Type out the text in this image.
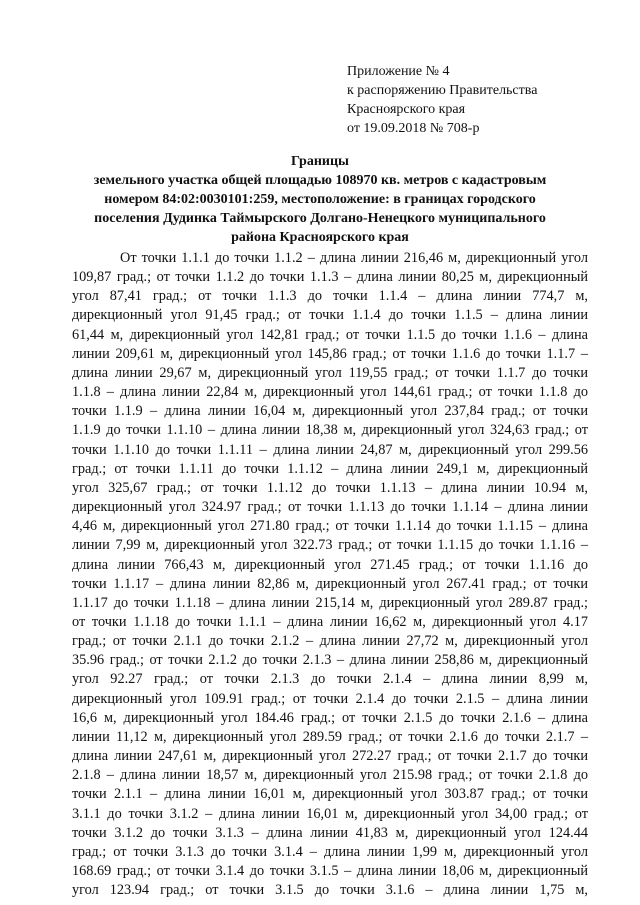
Приложение № 4
к распоряжению Правительства
Красноярского края
от 19.09.2018 № 708-р
Границы
земельного участка общей площадью 108970 кв. метров с кадастровым
номером 84:02:0030101:259, местоположение: в границах городского
поселения Дудинка Таймырского Долгано-Ненецкого муниципального
района Красноярского края
От точки 1.1.1 до точки 1.1.2 – длина линии 216,46 м, дирекционный угол
109,87 град.; от точки 1.1.2 до точки 1.1.3 – длина линии 80,25 м, дирекционный
угол 87,41 град.; от точки 1.1.3 до точки 1.1.4 – длина линии 774,7 м,
дирекционный угол 91,45 град.; от точки 1.1.4 до точки 1.1.5 – длина линии
61,44 м, дирекционный угол 142,81 град.; от точки 1.1.5 до точки 1.1.6 – длина
линии 209,61 м, дирекционный угол 145,86 град.; от точки 1.1.6 до точки 1.1.7 –
длина линии 29,67 м, дирекционный угол 119,55 град.; от точки 1.1.7 до точки
1.1.8 – длина линии 22,84 м, дирекционный угол 144,61 град.; от точки 1.1.8 до
точки 1.1.9 – длина линии 16,04 м, дирекционный угол 237,84 град.; от точки
1.1.9 до точки 1.1.10 – длина линии 18,38 м, дирекционный угол 324,63 град.; от
точки 1.1.10 до точки 1.1.11 – длина линии 24,87 м, дирекционный угол 299.56
град.; от точки 1.1.11 до точки 1.1.12 – длина линии 249,1 м, дирекционный
угол 325,67 град.; от точки 1.1.12 до точки 1.1.13 – длина линии 10.94 м,
дирекционный угол 324.97 град.; от точки 1.1.13 до точки 1.1.14 – длина линии
4,46 м, дирекционный угол 271.80 град.; от точки 1.1.14 до точки 1.1.15 – длина
линии 7,99 м, дирекционный угол 322.73 град.; от точки 1.1.15 до точки 1.1.16 –
длина линии 766,43 м, дирекционный угол 271.45 град.; от точки 1.1.16 до
точки 1.1.17 – длина линии 82,86 м, дирекционный угол 267.41 град.; от точки
1.1.17 до точки 1.1.18 – длина линии 215,14 м, дирекционный угол 289.87 град.;
от точки 1.1.18 до точки 1.1.1 – длина линии 16,62 м, дирекционный угол 4.17
град.; от точки 2.1.1 до точки 2.1.2 – длина линии 27,72 м, дирекционный угол
35.96 град.; от точки 2.1.2 до точки 2.1.3 – длина линии 258,86 м, дирекционный
угол 92.27 град.; от точки 2.1.3 до точки 2.1.4 – длина линии 8,99 м,
дирекционный угол 109.91 град.; от точки 2.1.4 до точки 2.1.5 – длина линии
16,6 м, дирекционный угол 184.46 град.; от точки 2.1.5 до точки 2.1.6 – длина
линии 11,12 м, дирекционный угол 289.59 град.; от точки 2.1.6 до точки 2.1.7 –
длина линии 247,61 м, дирекционный угол 272.27 град.; от точки 2.1.7 до точки
2.1.8 – длина линии 18,57 м, дирекционный угол 215.98 град.; от точки 2.1.8 до
точки 2.1.1 – длина линии 16,01 м, дирекционный угол 303.87 град.; от точки
3.1.1 до точки 3.1.2 – длина линии 16,01 м, дирекционный угол 34,00 град.; от
точки 3.1.2 до точки 3.1.3 – длина линии 41,83 м, дирекционный угол 124.44
град.; от точки 3.1.3 до точки 3.1.4 – длина линии 1,99 м, дирекционный угол
168.69 град.; от точки 3.1.4 до точки 3.1.5 – длина линии 18,06 м, дирекционный
угол 123.94 град.; от точки 3.1.5 до точки 3.1.6 – длина линии 1,75 м,
